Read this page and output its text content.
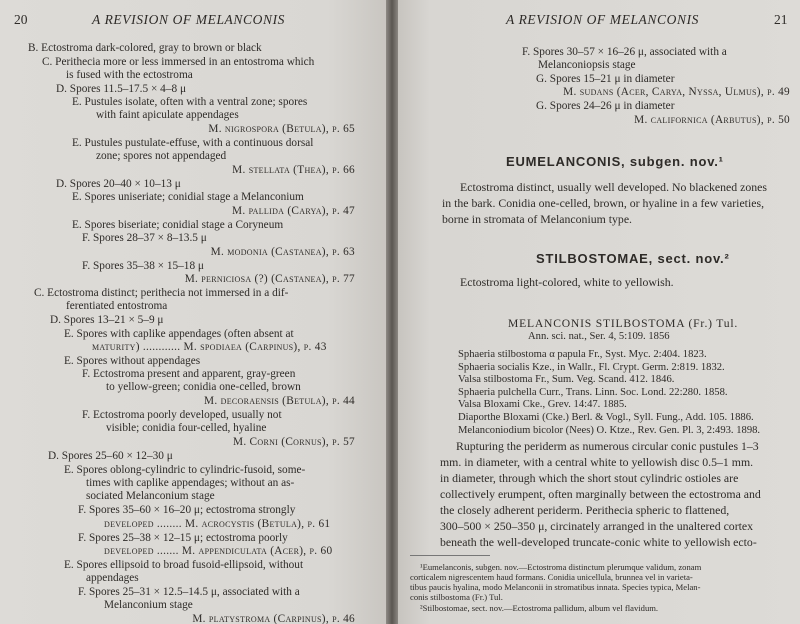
20	A REVISION OF MELANCONIS
B. Ectostroma dark-colored, gray to brown or black
C. Perithecia more or less immersed in an entostroma which
is fused with the ectostroma
D. Spores 11.5–17.5 × 4–8 μ
E. Pustules isolate, often with a ventral zone; spores
with faint apiculate appendages
M. nigrospora (Betula), p. 65
E. Pustules pustulate-effuse, with a continuous dorsal
zone; spores not appendaged
M. stellata (Thea), p. 66
D. Spores 20–40 × 10–13 μ
E. Spores uniseriate; conidial stage a Melanconium
M. pallida (Carya), p. 47
E. Spores biseriate; conidial stage a Coryneum
F. Spores 28–37 × 8–13.5 μ
M. modonia (Castanea), p. 63
F. Spores 35–38 × 15–18 μ
M. perniciosa (?) (Castanea), p. 77
C. Ectostroma distinct; perithecia not immersed in a dif-
ferentiated entostroma
D. Spores 13–21 × 5–9 μ
E. Spores with caplike appendages (often absent at
maturity) ............ M. spodiaea (Carpinus), p. 43
E. Spores without appendages
F. Ectostroma present and apparent, gray-green
to yellow-green; conidia one-celled, brown
M. decoraensis (Betula), p. 44
F. Ectostroma poorly developed, usually not
visible; conidia four-celled, hyaline
M. Corni (Cornus), p. 57
D. Spores 25–60 × 12–30 μ
E. Spores oblong-cylindric to cylindric-fusoid, some-
times with caplike appendages; without an as-
sociated Melanconium stage
F. Spores 35–60 × 16–20 μ; ectostroma strongly
developed ........ M. acrocystis (Betula), p. 61
F. Spores 25–38 × 12–15 μ; ectostroma poorly
developed ....... M. appendiculata (Acer), p. 60
E. Spores ellipsoid to broad fusoid-ellipsoid, without
appendages
F. Spores 25–31 × 12.5–14.5 μ, associated with a
Melanconium stage
M. platystroma (Carpinus), p. 46
A REVISION OF MELANCONIS	21
F. Spores 30–57 × 16–26 μ, associated with a
Melanconiopsis stage
G. Spores 15–21 μ in diameter
M. sudans (Acer, Carya, Nyssa, Ulmus), p. 49
G. Spores 24–26 μ in diameter
M. californica (Arbutus), p. 50
EUMELANCONIS, subgen. nov.¹
Ectostroma distinct, usually well developed. No blackened zones
in the bark. Conidia one-celled, brown, or hyaline in a few varieties,
borne in stromata of Melanconium type.
STILBOSTOMAE, sect. nov.²
Ectostroma light-colored, white to yellowish.
MELANCONIS STILBOSTOMA (Fr.) Tul.
Ann. sci. nat., Ser. 4, 5:109. 1856
Sphaeria stilbostoma α papula Fr., Syst. Myc. 2:404. 1823.
Sphaeria socialis Kze., in Wallr., Fl. Crypt. Germ. 2:819. 1832.
Valsa stilbostoma Fr., Sum. Veg. Scand. 412. 1846.
Sphaeria pulchella Curr., Trans. Linn. Soc. Lond. 22:280. 1858.
Valsa Bloxami Cke., Grev. 14:47. 1885.
Diaporthe Bloxami (Cke.) Berl. & Vogl., Syll. Fung., Add. 105. 1886.
Melanconiodium bicolor (Nees) O. Ktze., Rev. Gen. Pl. 3, 2:493. 1898.
Rupturing the periderm as numerous circular conic pustules 1–3
mm. in diameter, with a central white to yellowish disc 0.5–1 mm.
in diameter, through which the short stout cylindric ostioles are
collectively erumpent, often marginally between the ectostroma and
the closely adherent periderm. Perithecia spheric to flattened,
300–500 × 250–350 μ, circinately arranged in the unaltered cortex
beneath the well-developed truncate-conic white to yellowish ecto-
¹Eumelanconis, subgen. nov.—Ectostroma distinctum plerumque validum, zonam
corticalem nigrescentem haud formans. Conidia unicellula, brunnea vel in varieta-
tibus paucis hyalina, modo Melanconii in stromatibus innata. Species typica, Melan-
conis stilbostoma (Fr.) Tul.
²Stilbostomae, sect. nov.—Ectostroma pallidum, album vel flavidum.
